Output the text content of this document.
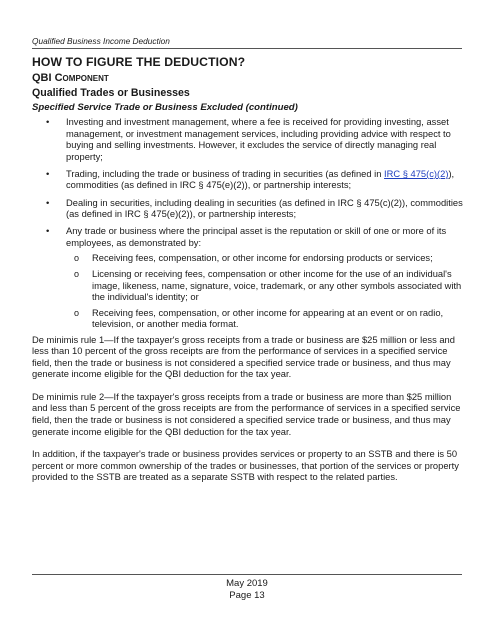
Qualified Business Income Deduction
HOW TO FIGURE THE DEDUCTION?
QBI Component
Qualified Trades or Businesses
Specified Service Trade or Business Excluded (continued)
• Investing and investment management, where a fee is received for providing investing, asset management, or investment management services, including providing advice with respect to buying and selling investments. However, it excludes the service of directly managing real property;
• Trading, including the trade or business of trading in securities (as defined in IRC § 475(c)(2)), commodities (as defined in IRC § 475(e)(2)), or partnership interests;
• Dealing in securities, including dealing in securities (as defined in IRC § 475(c)(2)), commodities (as defined in IRC § 475(e)(2)), or partnership interests;
• Any trade or business where the principal asset is the reputation or skill of one or more of its employees, as demonstrated by:
o Receiving fees, compensation, or other income for endorsing products or services;
o Licensing or receiving fees, compensation or other income for the use of an individual's image, likeness, name, signature, voice, trademark, or any other symbols associated with the individual's identity; or
o Receiving fees, compensation, or other income for appearing at an event or on radio, television, or another media format.

De minimis rule 1—If the taxpayer's gross receipts from a trade or business are $25 million or less and less than 10 percent of the gross receipts are from the performance of services in a specified service field, then the trade or business is not considered a specified service trade or business, and thus may generate income eligible for the QBI deduction for the tax year.

De minimis rule 2—If the taxpayer's gross receipts from a trade or business are more than $25 million and less than 5 percent of the gross receipts are from the performance of services in a specified service field, then the trade or business is not considered a specified service trade or business, and thus may generate income eligible for the QBI deduction for the tax year.

In addition, if the taxpayer's trade or business provides services or property to an SSTB and there is 50 percent or more common ownership of the trades or businesses, that portion of the services or property provided to the SSTB are treated as a separate SSTB with respect to the related parties.

May 2019
Page 13
